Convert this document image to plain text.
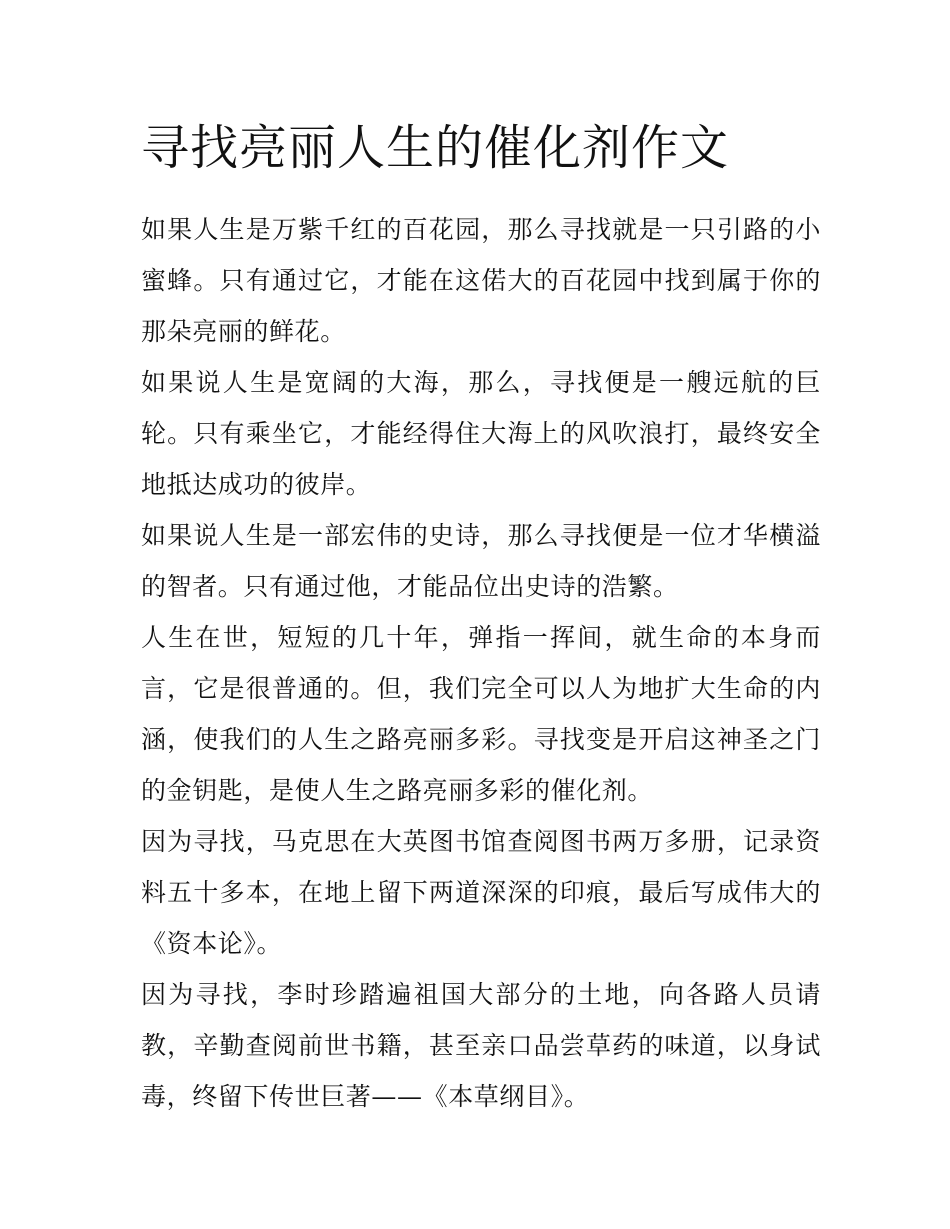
寻找亮丽人生的催化剂作文

如果人生是万紫千红的百花园，那么寻找就是一只引路的小蜜蜂。只有通过它，才能在这偌大的百花园中找到属于你的那朵亮丽的鲜花。

如果说人生是宽阔的大海，那么，寻找便是一艘远航的巨轮。只有乘坐它，才能经得住大海上的风吹浪打，最终安全地抵达成功的彼岸。

如果说人生是一部宏伟的史诗，那么寻找便是一位才华横溢的智者。只有通过他，才能品位出史诗的浩繁。

人生在世，短短的几十年，弹指一挥间，就生命的本身而言，它是很普通的。但，我们完全可以人为地扩大生命的内涵，使我们的人生之路亮丽多彩。寻找变是开启这神圣之门的金钥匙，是使人生之路亮丽多彩的催化剂。

因为寻找，马克思在大英图书馆查阅图书两万多册，记录资料五十多本，在地上留下两道深深的印痕，最后写成伟大的《资本论》。

因为寻找，李时珍踏遍祖国大部分的土地，向各路人员请教，辛勤查阅前世书籍，甚至亲口品尝草药的味道，以身试毒，终留下传世巨著——《本草纲目》。
